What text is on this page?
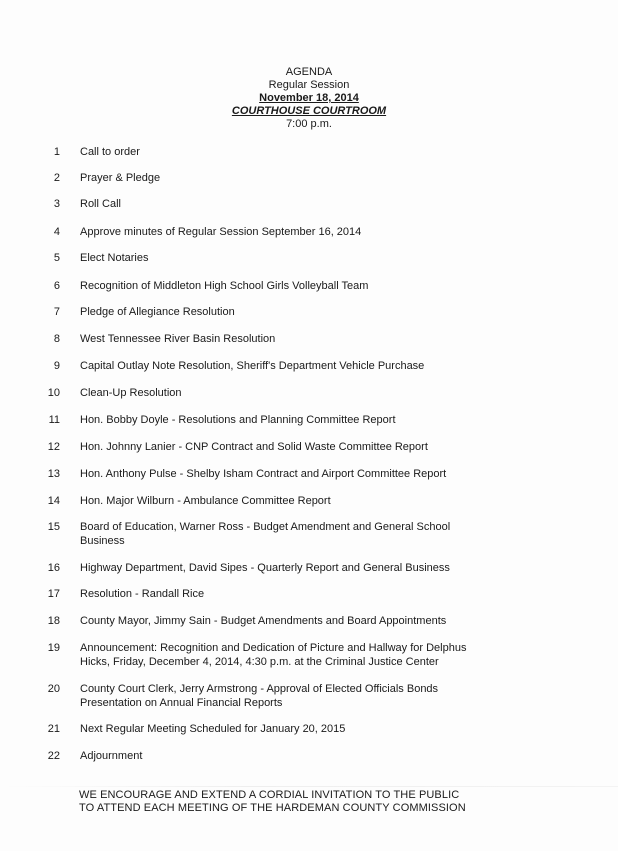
AGENDA
Regular Session
November 18, 2014
COURTHOUSE COURTROOM
7:00 p.m.
1 Call to order
2 Prayer & Pledge
3 Roll Call
4 Approve minutes of Regular Session September 16, 2014
5 Elect Notaries
6 Recognition of Middleton High School Girls Volleyball Team
7 Pledge of Allegiance Resolution
8 West Tennessee River Basin Resolution
9 Capital Outlay Note Resolution, Sheriff's Department Vehicle Purchase
10 Clean-Up Resolution
11 Hon. Bobby Doyle - Resolutions and Planning Committee Report
12 Hon. Johnny Lanier - CNP Contract and Solid Waste Committee Report
13 Hon. Anthony Pulse - Shelby Isham Contract and Airport Committee Report
14 Hon. Major Wilburn - Ambulance Committee Report
15 Board of Education, Warner Ross - Budget Amendment and General School
Business
16 Highway Department, David Sipes - Quarterly Report and General Business
17 Resolution - Randall Rice
18 County Mayor, Jimmy Sain - Budget Amendments and Board Appointments
19 Announcement: Recognition and Dedication of Picture and Hallway for Delphus
Hicks, Friday, December 4, 2014, 4:30 p.m. at the Criminal Justice Center
20 County Court Clerk, Jerry Armstrong - Approval of Elected Officials Bonds
Presentation on Annual Financial Reports
21 Next Regular Meeting Scheduled for January 20, 2015
22 Adjournment
WE ENCOURAGE AND EXTEND A CORDIAL INVITATION TO THE PUBLIC
TO ATTEND EACH MEETING OF THE HARDEMAN COUNTY COMMISSION
